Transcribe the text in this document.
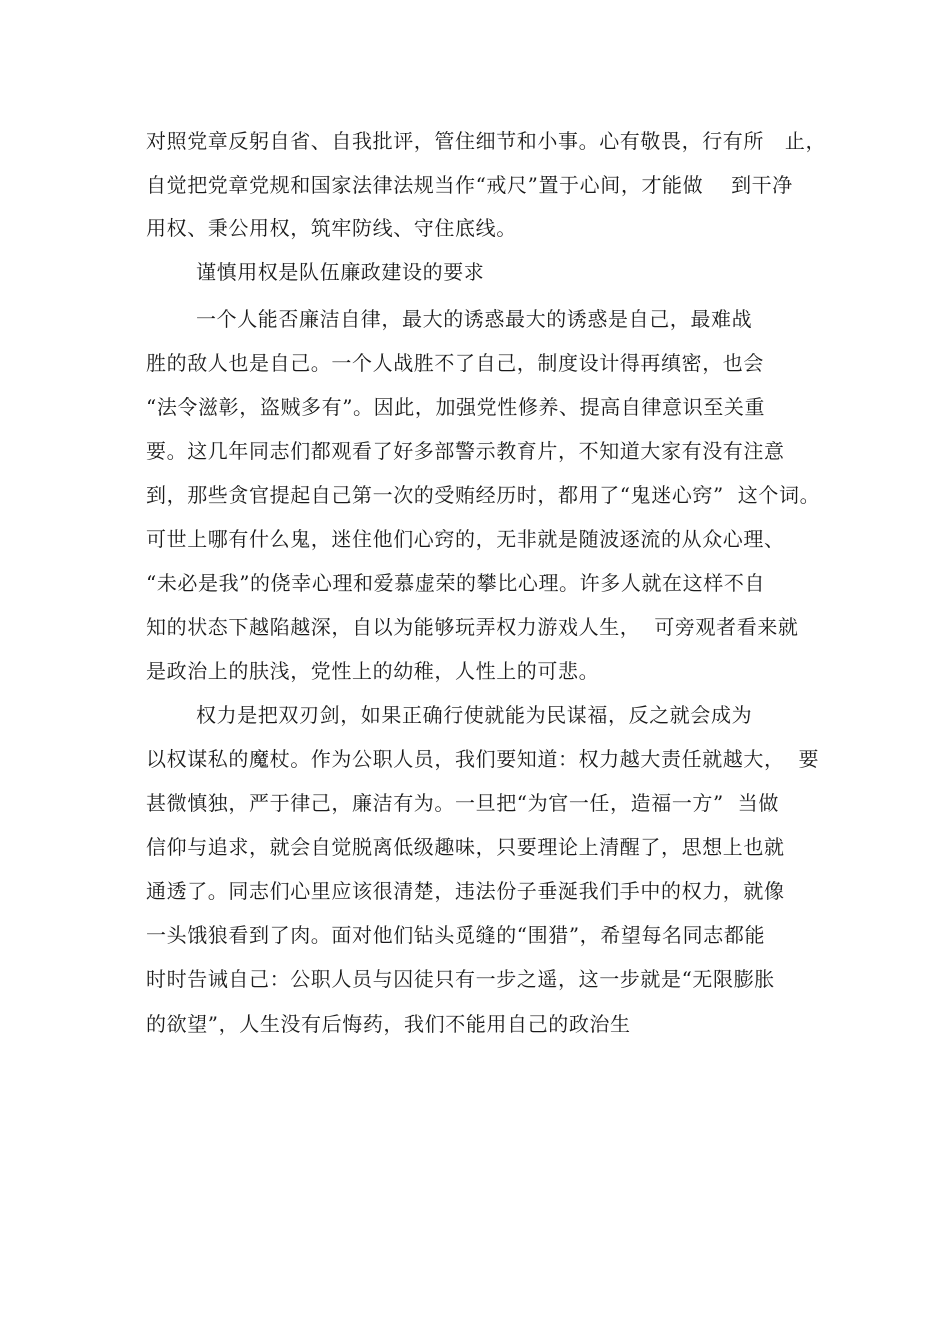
对照党章反躬自省、自我批评，管住细节和小事。心有敬畏，行有所   止，
自觉把党章党规和国家法律法规当作“戒尺”置于心间，才能做    到干净
用权、秉公用权，筑牢防线、守住底线。
谨慎用权是队伍廉政建设的要求
一个人能否廉洁自律，最大的诱惑最大的诱惑是自己，最难战
胜的敌人也是自己。一个人战胜不了自己，制度设计得再缜密，也会
“法令滋彰，盗贼多有”。因此，加强党性修养、提高自律意识至关重
要。这几年同志们都观看了好多部警示教育片，不知道大家有没有注意
到，那些贪官提起自己第一次的受贿经历时，都用了“鬼迷心窍”  这个词。
可世上哪有什么鬼，迷住他们心窍的，无非就是随波逐流的从众心理、
“未必是我”的侥幸心理和爱慕虚荣的攀比心理。许多人就在这样不自
知的状态下越陷越深，自以为能够玩弄权力游戏人生，  可旁观者看来就
是政治上的肤浅，党性上的幼稚，人性上的可悲。
权力是把双刃剑，如果正确行使就能为民谋福，反之就会成为
以权谋私的魔杖。作为公职人员，我们要知道：权力越大责任就越大，  要
甚微慎独，严于律己，廉洁有为。一旦把“为官一任，造福一方”  当做
信仰与追求，就会自觉脱离低级趣味，只要理论上清醒了，思想上也就
通透了。同志们心里应该很清楚，违法份子垂涎我们手中的权力，就像
一头饿狼看到了肉。面对他们钻头觅缝的“围猎”，希望每名同志都能
时时告诫自己：公职人员与囚徒只有一步之遥，这一步就是“无限膨胀
的欲望”，人生没有后悔药，我们不能用自己的政治生
